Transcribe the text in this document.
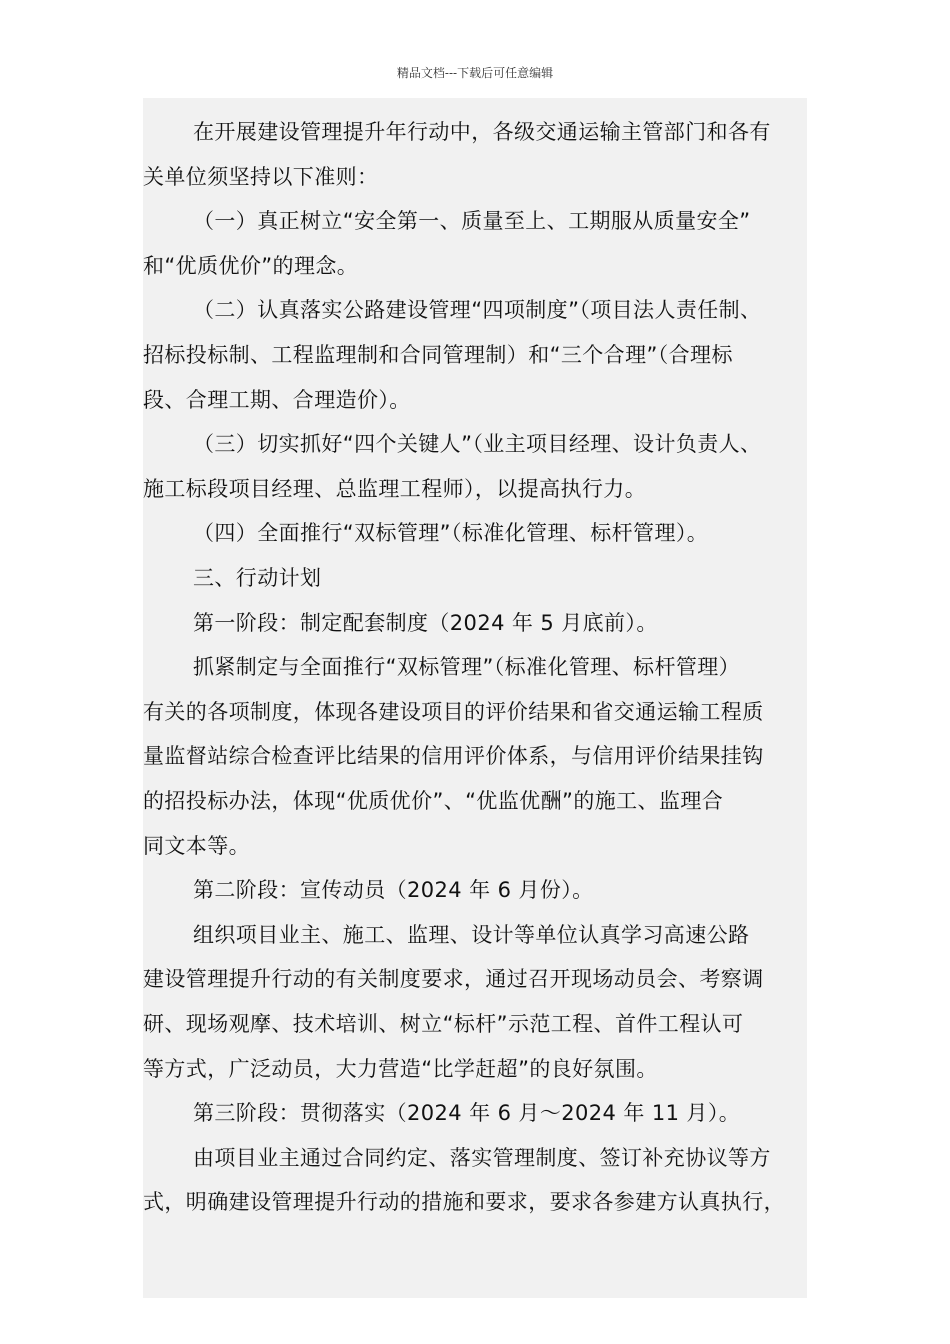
精品文档---下载后可任意编辑
在开展建设管理提升年行动中，各级交通运输主管部门和各有
关单位须坚持以下准则：
（一）真正树立“安全第一、质量至上、工期服从质量安全”
和“优质优价”的理念。
（二）认真落实公路建设管理“四项制度”（项目法人责任制、
招标投标制、工程监理制和合同管理制）和“三个合理”（合理标
段、合理工期、合理造价）。
（三）切实抓好“四个关键人”（业主项目经理、设计负责人、
施工标段项目经理、总监理工程师），以提高执行力。
（四）全面推行“双标管理”（标准化管理、标杆管理）。
三、行动计划
第一阶段：制定配套制度（2024 年 5 月底前）。
抓紧制定与全面推行“双标管理”（标准化管理、标杆管理）
有关的各项制度，体现各建设项目的评价结果和省交通运输工程质
量监督站综合检查评比结果的信用评价体系，与信用评价结果挂钩
的招投标办法，体现“优质优价”、“优监优酬”的施工、监理合
同文本等。
第二阶段：宣传动员（2024 年 6 月份）。
组织项目业主、施工、监理、设计等单位认真学习高速公路
建设管理提升行动的有关制度要求，通过召开现场动员会、考察调
研、现场观摩、技术培训、树立“标杆”示范工程、首件工程认可
等方式，广泛动员，大力营造“比学赶超”的良好氛围。
第三阶段：贯彻落实（2024 年 6 月～2024 年 11 月）。
由项目业主通过合同约定、落实管理制度、签订补充协议等方
式，明确建设管理提升行动的措施和要求，要求各参建方认真执行，
